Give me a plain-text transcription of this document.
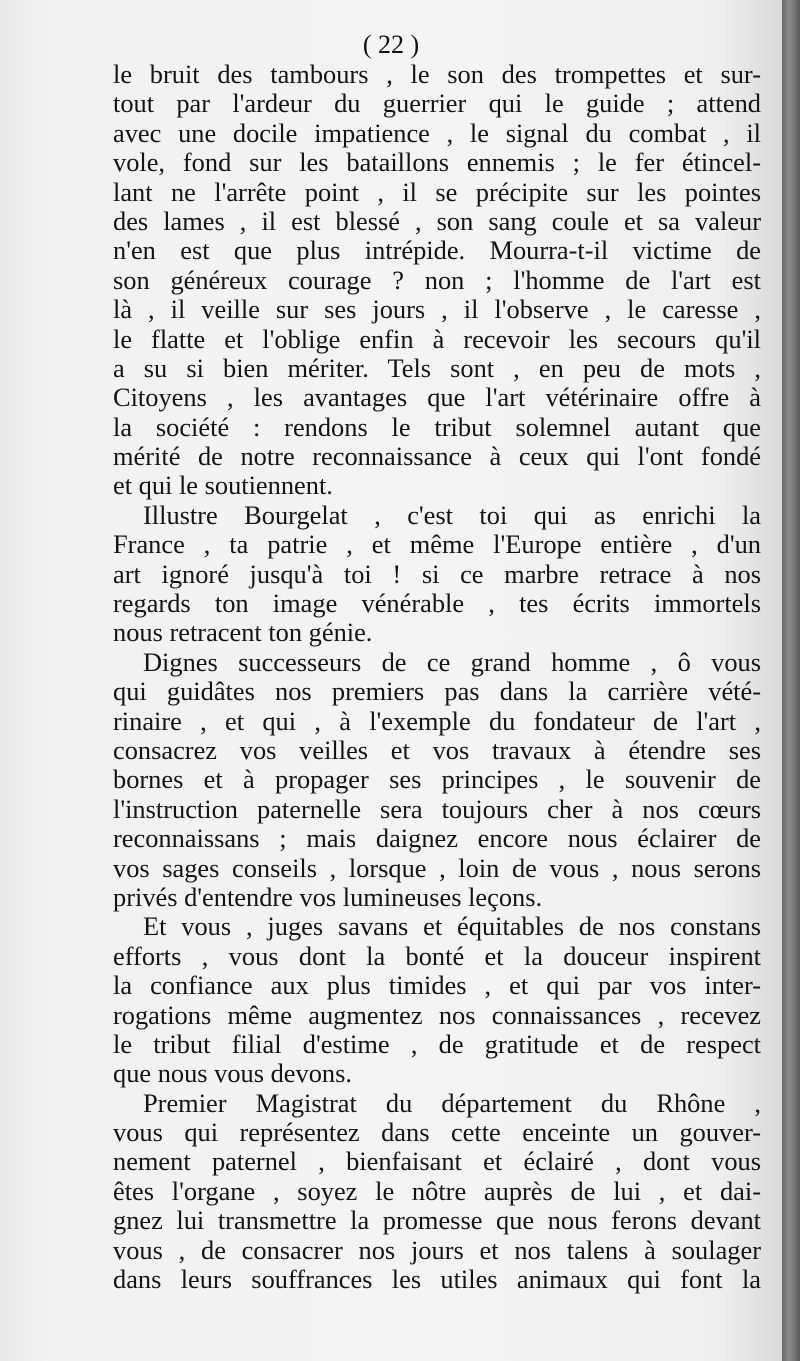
( 22 )
le bruit des tambours , le son des trompettes et sur-
tout par l'ardeur du guerrier qui le guide ; attend
avec une docile impatience , le signal du combat , il
vole, fond sur les bataillons ennemis ; le fer étincel-
lant ne l'arrête point , il se précipite sur les pointes
des lames , il est blessé , son sang coule et sa valeur
n'en est que plus intrépide. Mourra-t-il victime de
son généreux courage ? non ; l'homme de l'art est
là , il veille sur ses jours , il l'observe , le caresse ,
le flatte et l'oblige enfin à recevoir les secours qu'il
a su si bien mériter. Tels sont , en peu de mots ,
Citoyens , les avantages que l'art vétérinaire offre à
la société : rendons le tribut solemnel autant que
mérité de notre reconnaissance à ceux qui l'ont fondé
et qui le soutiennent.
Illustre Bourgelat , c'est toi qui as enrichi la
France , ta patrie , et même l'Europe entière , d'un
art ignoré jusqu'à toi ! si ce marbre retrace à nos
regards ton image vénérable , tes écrits immortels
nous retracent ton génie.
Dignes successeurs de ce grand homme , ô vous
qui guidâtes nos premiers pas dans la carrière vété-
rinaire , et qui , à l'exemple du fondateur de l'art ,
consacrez vos veilles et vos travaux à étendre ses
bornes et à propager ses principes , le souvenir de
l'instruction paternelle sera toujours cher à nos cœurs
reconnaissans ; mais daignez encore nous éclairer de
vos sages conseils , lorsque , loin de vous , nous serons
privés d'entendre vos lumineuses leçons.
Et vous , juges savans et équitables de nos constans
efforts , vous dont la bonté et la douceur inspirent
la confiance aux plus timides , et qui par vos inter-
rogations même augmentez nos connaissances , recevez
le tribut filial d'estime , de gratitude et de respect
que nous vous devons.
Premier Magistrat du département du Rhône ,
vous qui représentez dans cette enceinte un gouver-
nement paternel , bienfaisant et éclairé , dont vous
êtes l'organe , soyez le nôtre auprès de lui , et dai-
gnez lui transmettre la promesse que nous ferons devant
vous , de consacrer nos jours et nos talens à soulager
dans leurs souffrances les utiles animaux qui font la
